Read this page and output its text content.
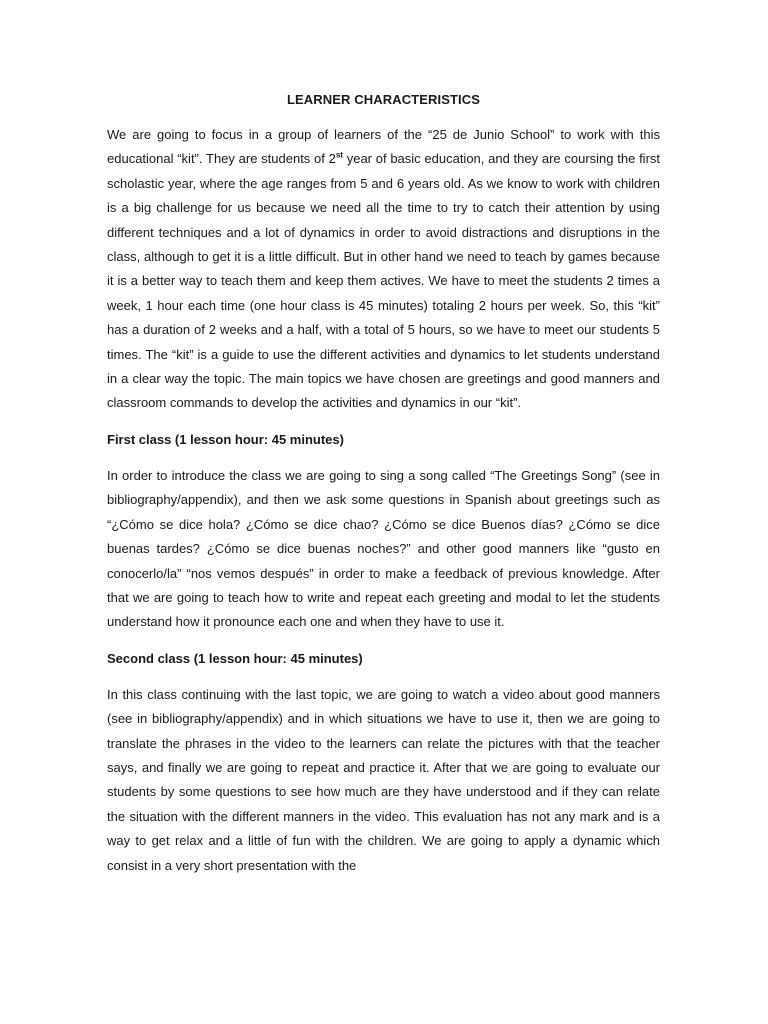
LEARNER CHARACTERISTICS

We are going to focus in a group of learners of the “25 de Junio School” to work with this educational “kit”. They are students of 2st year of basic education, and they are coursing the first scholastic year, where the age ranges from 5 and 6 years old. As we know to work with children is a big challenge for us because we need all the time to try to catch their attention by using different techniques and a lot of dynamics in order to avoid distractions and disruptions in the class, although to get it is a little difficult. But in other hand we need to teach by games because it is a better way to teach them and keep them actives. We have to meet the students 2 times a week, 1 hour each time (one hour class is 45 minutes) totaling 2 hours per week. So, this “kit” has a duration of 2 weeks and a half, with a total of 5 hours, so we have to meet our students 5 times. The “kit” is a guide to use the different activities and dynamics to let students understand in a clear way the topic. The main topics we have chosen are greetings and good manners and classroom commands to develop the activities and dynamics in our “kit”.

First class (1 lesson hour: 45 minutes)

In order to introduce the class we are going to sing a song called “The Greetings Song” (see in bibliography/appendix), and then we ask some questions in Spanish about greetings such as “¿Cómo se dice hola? ¿Cómo se dice chao? ¿Cómo se dice Buenos días? ¿Cómo se dice buenas tardes? ¿Cómo se dice buenas noches?” and other good manners like “gusto en conocerlo/la” “nos vemos después” in order to make a feedback of previous knowledge. After that we are going to teach how to write and repeat each greeting and modal to let the students understand how it pronounce each one and when they have to use it.

Second class (1 lesson hour: 45 minutes)

In this class continuing with the last topic, we are going to watch a video about good manners (see in bibliography/appendix) and in which situations we have to use it, then we are going to translate the phrases in the video to the learners can relate the pictures with that the teacher says, and finally we are going to repeat and practice it. After that we are going to evaluate our students by some questions to see how much are they have understood and if they can relate the situation with the different manners in the video. This evaluation has not any mark and is a way to get relax and a little of fun with the children. We are going to apply a dynamic which consist in a very short presentation with the
